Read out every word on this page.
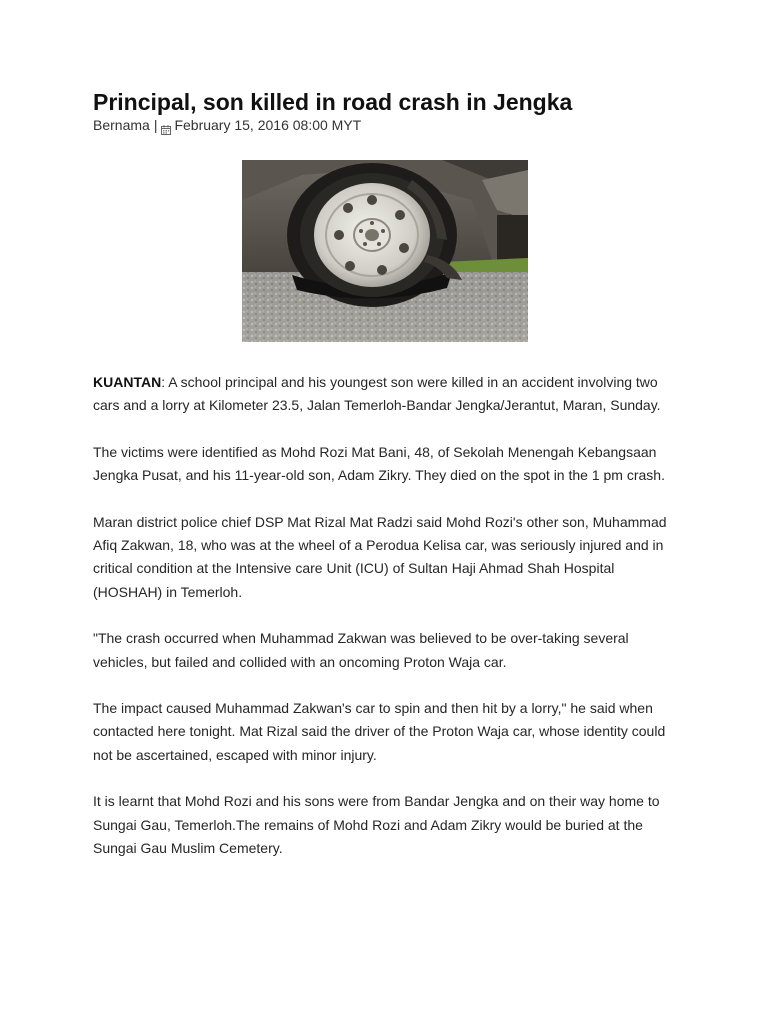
Principal, son killed in road crash in Jengka
Bernama | February 15, 2016 08:00 MYT

KUANTAN: A school principal and his youngest son were killed in an accident involving two cars and a lorry at Kilometer 23.5, Jalan Temerloh-Bandar Jengka/Jerantut, Maran, Sunday.

The victims were identified as Mohd Rozi Mat Bani, 48, of Sekolah Menengah Kebangsaan Jengka Pusat, and his 11-year-old son, Adam Zikry. They died on the spot in the 1 pm crash.

Maran district police chief DSP Mat Rizal Mat Radzi said Mohd Rozi's other son, Muhammad Afiq Zakwan, 18, who was at the wheel of a Perodua Kelisa car, was seriously injured and in critical condition at the Intensive care Unit (ICU) of Sultan Haji Ahmad Shah Hospital (HOSHAH) in Temerloh.

"The crash occurred when Muhammad Zakwan was believed to be over-taking several vehicles, but failed and collided with an oncoming Proton Waja car.

The impact caused Muhammad Zakwan's car to spin and then hit by a lorry," he said when contacted here tonight. Mat Rizal said the driver of the Proton Waja car, whose identity could not be ascertained, escaped with minor injury.

It is learnt that Mohd Rozi and his sons were from Bandar Jengka and on their way home to Sungai Gau, Temerloh.The remains of Mohd Rozi and Adam Zikry would be buried at the Sungai Gau Muslim Cemetery.
